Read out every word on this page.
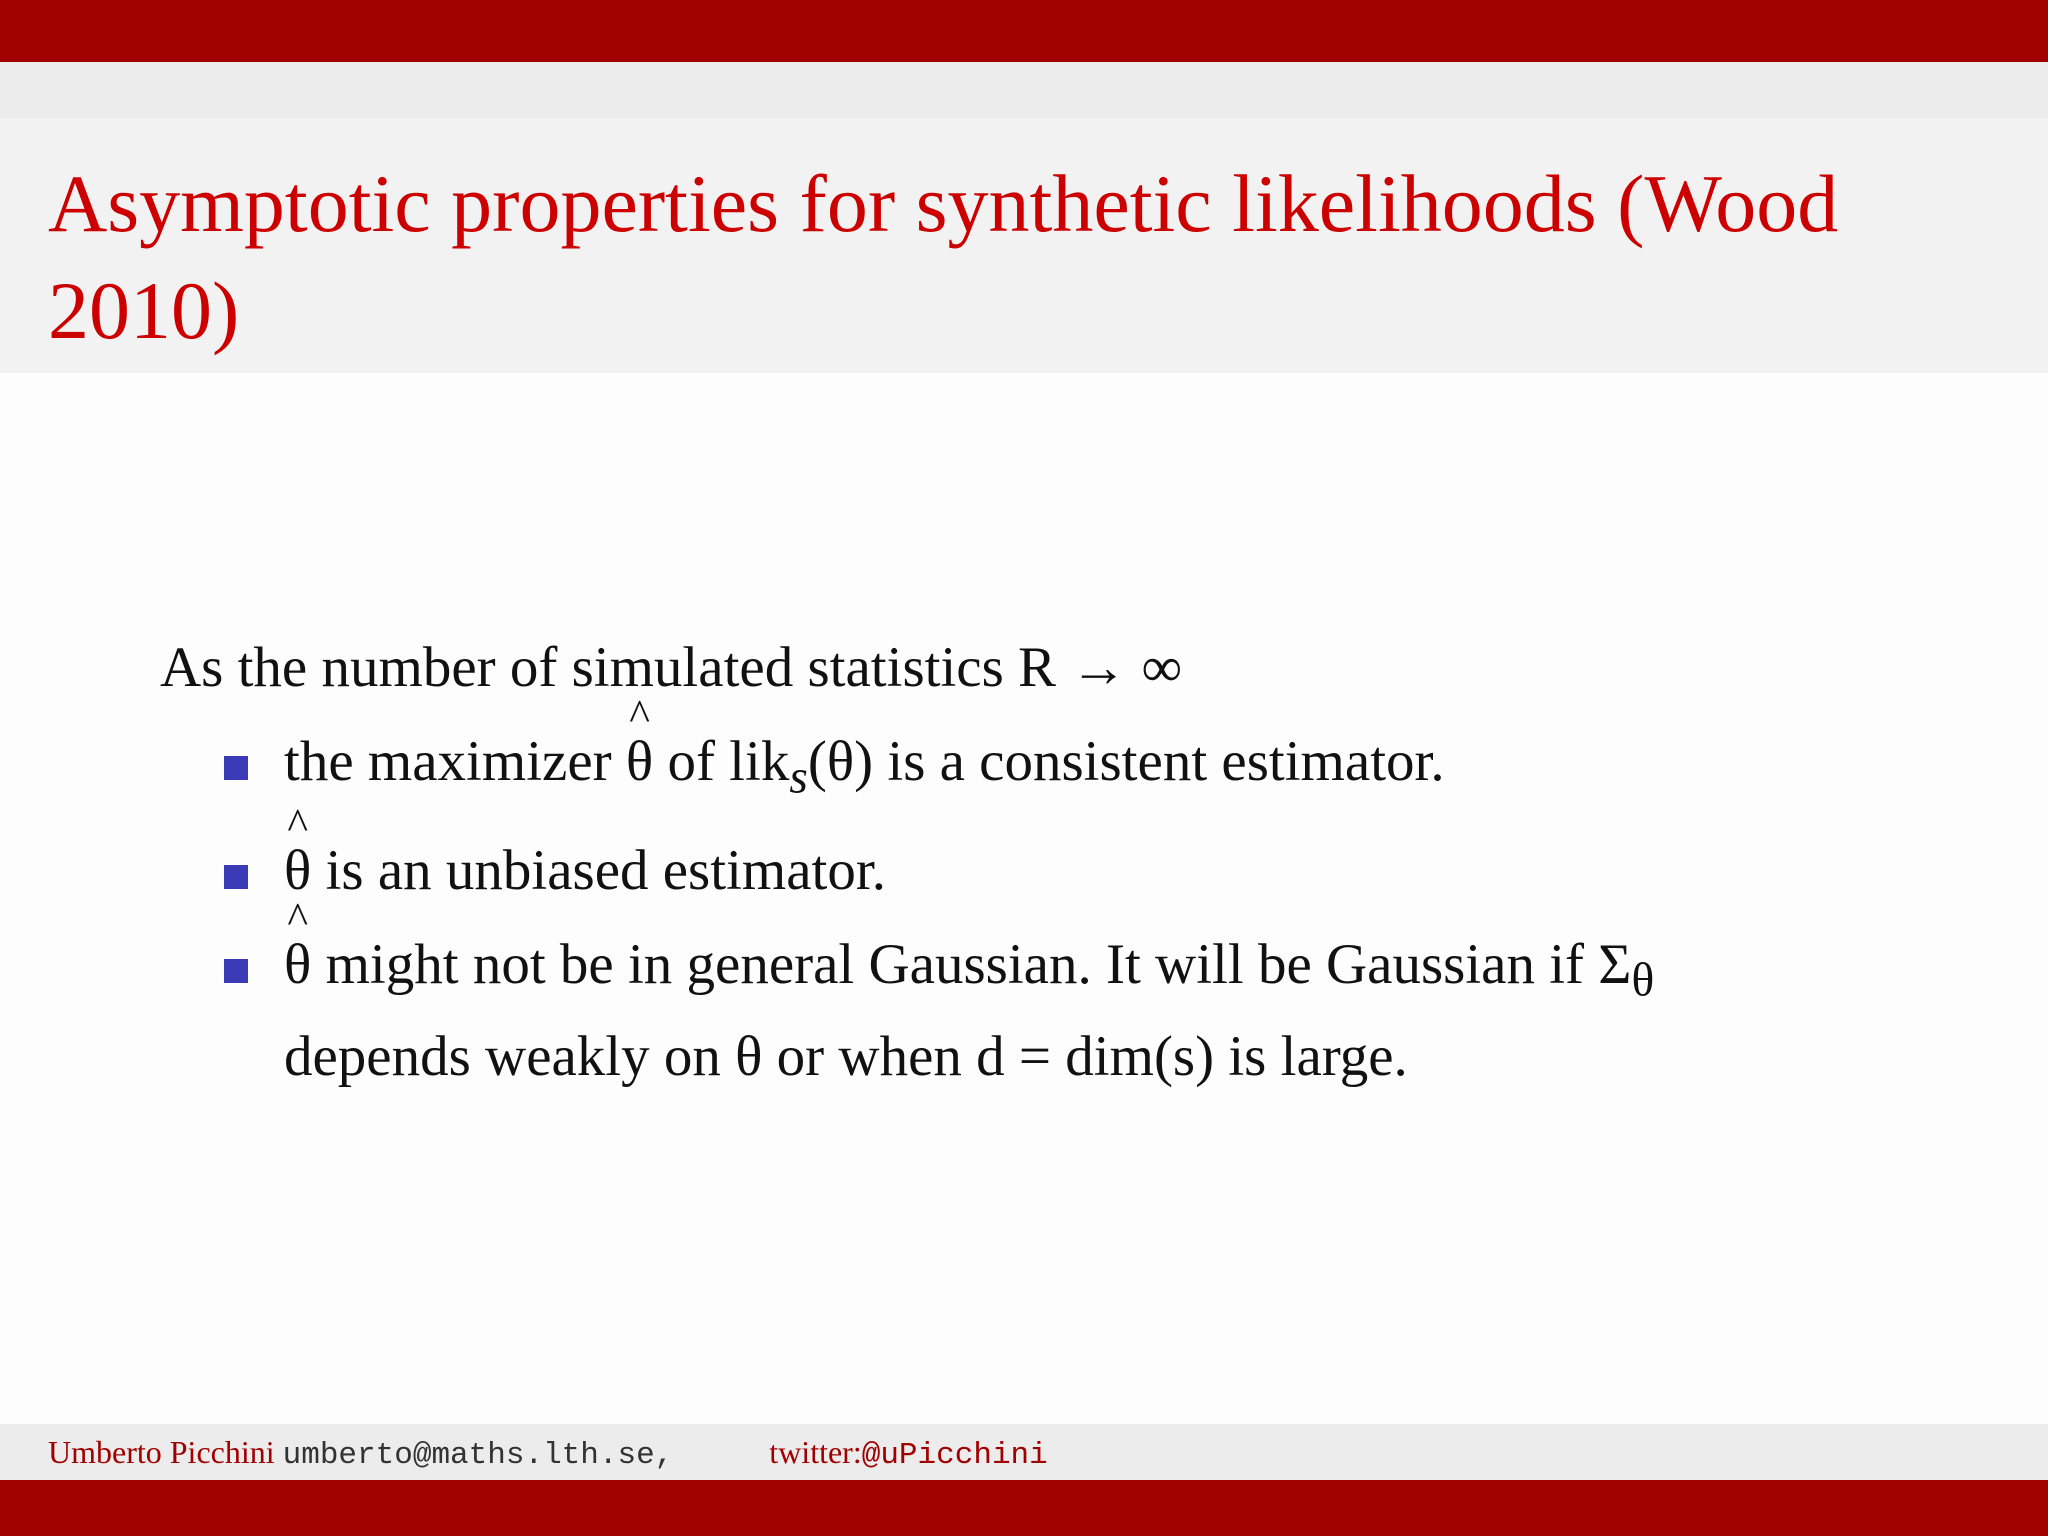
Asymptotic properties for synthetic likelihoods (Wood 2010)

As the number of simulated statistics R → ∞

the maximizer ^ θ of lik$_s$(θ) is a consistent estimator.
^ θ is an unbiased estimator.
^ θ might not be in general Gaussian. It will be Gaussian if $\Sigma_\theta$
depends weakly on θ or when d = dim(s) is large.
Umberto Picchini umberto@maths.lth.se,	twitter:@uPicchini
